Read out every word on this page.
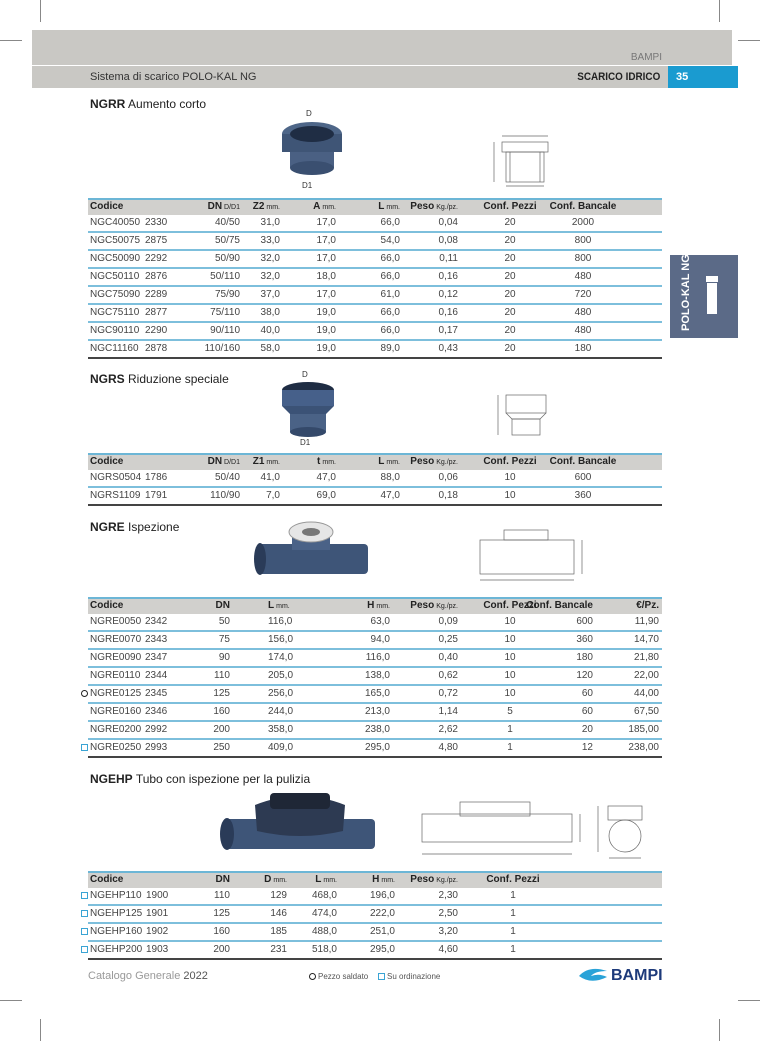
BAMPI
Sistema di scarico POLO-KAL NG	SCARICO IDRICO	35
POLO-KAL NG
NGRR Aumento corto
D
D1
Codice	DN D/D1 Z2 mm.	A mm.	L mm. Peso Kg./pz.	Conf. Pezzi Conf. Bancale
NGC40050 2330	40/50 31,0	17,0	66,0	0,04	20	2000
NGC50075 2875	50/75 33,0	17,0	54,0	0,08	20	800
NGC50090 2292	50/90 32,0	17,0	66,0	0,11	20	800
NGC50110 2876	50/110 32,0	18,0	66,0	0,16	20	480
NGC75090 2289	75/90 37,0	17,0	61,0	0,12	20	720
NGC75110 2877	75/110 38,0	19,0	66,0	0,16	20	480
NGC90110 2290	90/110 40,0	19,0	66,0	0,17	20	480
NGC11160 2878	110/160 58,0	19,0	89,0	0,43	20	180
NGRS Riduzione speciale	D
D1
Codice	DN D/D1 Z1 mm.	t mm.	L mm. Peso Kg./pz.	Conf. Pezzi Conf. Bancale
NGRS0504 1786	50/40 41,0	47,0	88,0	0,06	10	600
NGRS1109 1791	110/90	7,0	69,0	47,0	0,18	10	360
NGRE Ispezione
Codice	DN	L mm.	H mm. Peso Kg./pz.	Conf. Pezzi
Conf. Bancale	€/Pz.
NGRE0050 2342	50	116,0	63,0	0,09	10	600	11,90
NGRE0070 2343	75	156,0	94,0	0,25	10	360	14,70
NGRE0090 2347	90	174,0	116,0	0,40	10	180	21,80
NGRE0110 2344	110	205,0	138,0	0,62	10	120	22,00
NGRE0125 2345	125	256,0	165,0	0,72	10	60	44,00
NGRE0160 2346	160	244,0	213,0	1,14	5	60	67,50
NGRE0200 2992	200	358,0	238,0	2,62	1	20	185,00
NGRE0250 2993	250	409,0	295,0	4,80	1	12	238,00
NGEHP Tubo con ispezione per la pulizia
Codice	DN	D mm.	L mm.	H mm. Peso Kg./pz.	Conf. Pezzi
NGEHP110 1900	110	129 468,0	196,0	2,30	1
NGEHP125 1901	125	146 474,0	222,0	2,50	1
NGEHP160 1902	160	185 488,0	251,0	3,20	1
NGEHP200 1903	200	231 518,0	295,0	4,60	1
Catalogo Generale 2022	Pezzo saldato Su ordinazione	BAMPI
